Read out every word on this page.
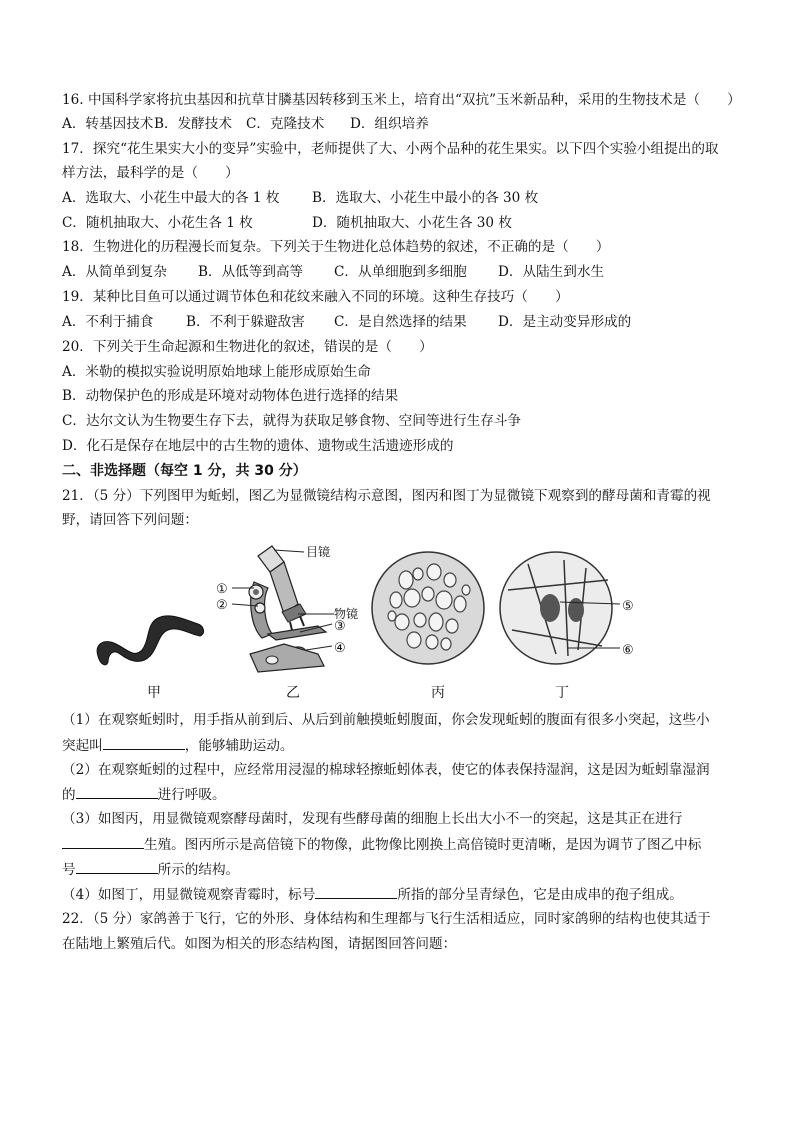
16. 中国科学家将抗虫基因和抗草甘膦基因转移到玉米上，培育出“双抗”玉米新品种，采用的生物技术是（　　）
A．转基因技术B．发酵技术 C．克隆技术 D．组织培养
17．探究“花生果实大小的变异”实验中，老师提供了大、小两个品种的花生果实。以下四个实验小组提出的取
样方法，最科学的是（　　）
A．选取大、小花生中最大的各 1 枚 B．选取大、小花生中最小的各 30 枚
C．随机抽取大、小花生各 1 枚	D．随机抽取大、小花生各 30 枚
18．生物进化的历程漫长而复杂。下列关于生物进化总体趋势的叙述，不正确的是（　　）
A．从简单到复杂 B．从低等到高等 C．从单细胞到多细胞 D．从陆生到水生
19．某种比目鱼可以通过调节体色和花纹来融入不同的环境。这种生存技巧（　　）
A．不利于捕食 B．不利于躲避敌害 C．是自然选择的结果 D．是主动变异形成的
20．下列关于生命起源和生物进化的叙述，错误的是（　　）
A．米勒的模拟实验说明原始地球上能形成原始生命
B．动物保护色的形成是环境对动物体色进行选择的结果
C．达尔文认为生物要生存下去，就得为获取足够食物、空间等进行生存斗争
D．化石是保存在地层中的古生物的遗体、遗物或生活遗迹形成的
二、非选择题（每空 1 分，共 30 分）
21．（5 分）下列图甲为蚯蚓，图乙为显微镜结构示意图，图丙和图丁为显微镜下观察到的酵母菌和青霉的视
野，请回答下列问题：
甲
目镜
物镜
①
②
③
④
乙	丙
⑤
⑥
丁
（1）在观察蚯蚓时，用手指从前到后、从后到前触摸蚯蚓腹面，你会发现蚯蚓的腹面有很多小突起，这些小
突起叫	，能够辅助运动。
（2）在观察蚯蚓的过程中，应经常用浸湿的棉球轻擦蚯蚓体表，使它的体表保持湿润，这是因为蚯蚓靠湿润
的	进行呼吸。
（3）如图丙，用显微镜观察酵母菌时，发现有些酵母菌的细胞上长出大小不一的突起，这是其正在进行
生殖。图丙所示是高倍镜下的物像，此物像比刚换上高倍镜时更清晰，是因为调节了图乙中标
号	所示的结构。
（4）如图丁，用显微镜观察青霉时，标号	所指的部分呈青绿色，它是由成串的孢子组成。
22．（5 分）家鸽善于飞行，它的外形、身体结构和生理都与飞行生活相适应，同时家鸽卵的结构也使其适于
在陆地上繁殖后代。如图为相关的形态结构图，请据图回答问题：
